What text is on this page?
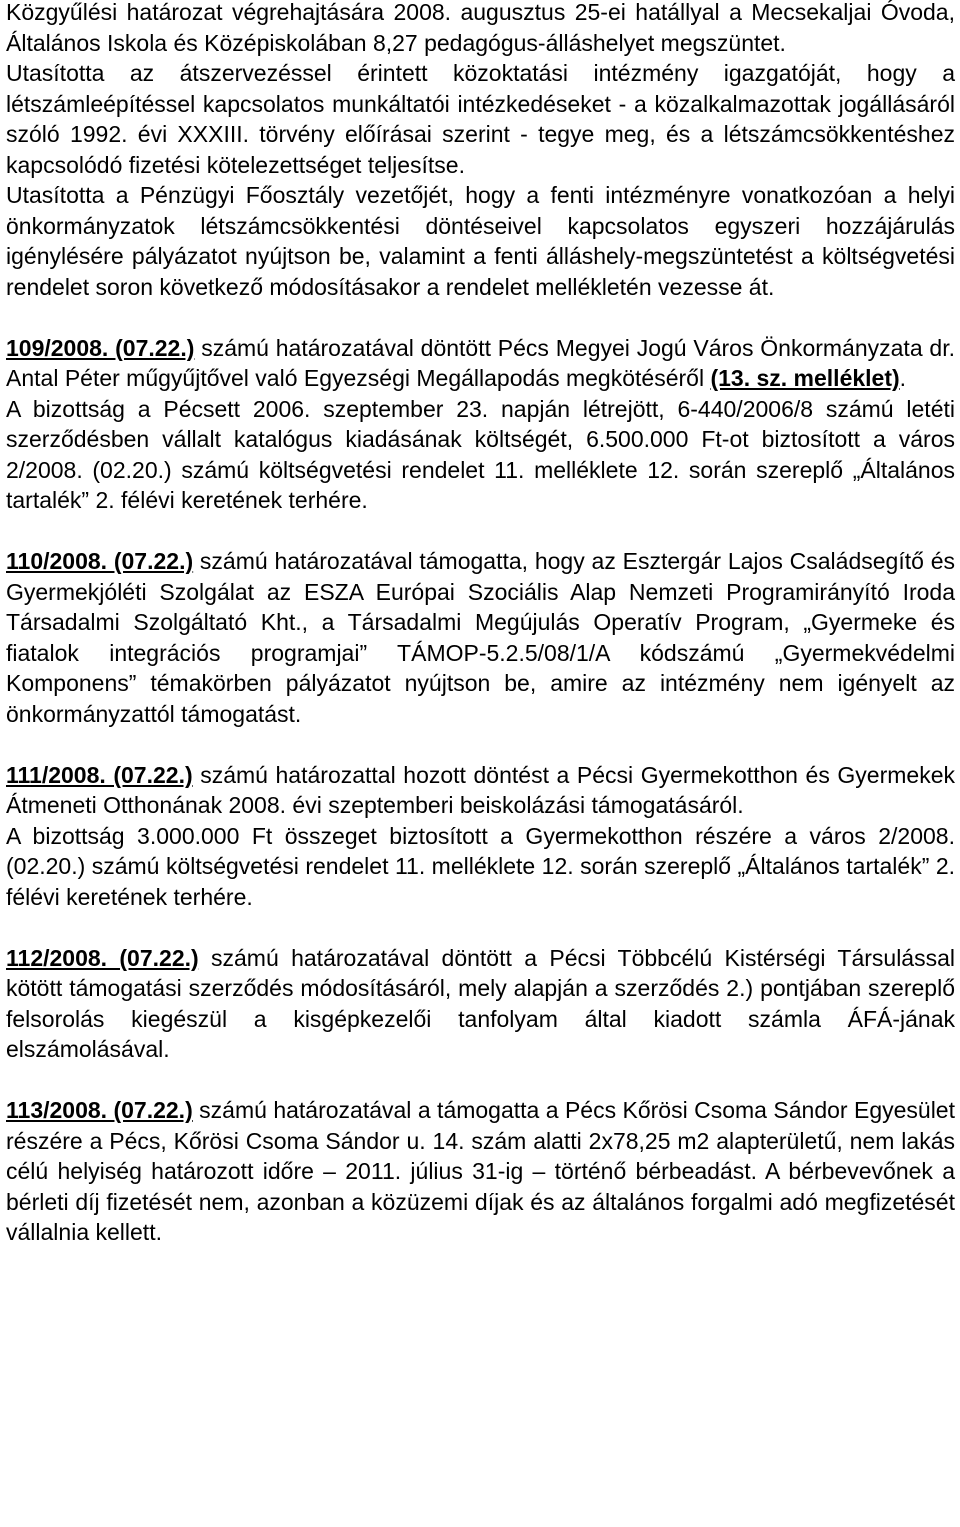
Közgyűlési határozat végrehajtására 2008. augusztus 25-ei hatállyal a Mecsekaljai Óvoda, Általános Iskola és Középiskolában 8,27 pedagógus-álláshelyet megszüntet.

Utasította az átszervezéssel érintett közoktatási intézmény igazgatóját, hogy a létszámleépítéssel kapcsolatos munkáltatói intézkedéseket - a közalkalmazottak jogállásáról szóló 1992. évi XXXIII. törvény előírásai szerint - tegye meg, és a létszámcsökkentéshez kapcsolódó fizetési kötelezettséget teljesítse.

Utasította a Pénzügyi Főosztály vezetőjét, hogy a fenti intézményre vonatkozóan a helyi önkormányzatok létszámcsökkentési döntéseivel kapcsolatos egyszeri hozzájárulás igénylésére pályázatot nyújtson be, valamint a fenti álláshely-megszüntetést a költségvetési rendelet soron következő módosításakor a rendelet mellékletén vezesse át.

109/2008. (07.22.) számú határozatával döntött Pécs Megyei Jogú Város Önkormányzata dr. Antal Péter műgyűjtővel való Egyezségi Megállapodás megkötéséről (13. sz. melléklet).

A bizottság a Pécsett 2006. szeptember 23. napján létrejött, 6-440/2006/8 számú letéti szerződésben vállalt katalógus kiadásának költségét, 6.500.000 Ft-ot biztosított a város 2/2008. (02.20.) számú költségvetési rendelet 11. melléklete 12. során szereplő „Általános tartalék” 2. félévi keretének terhére.

110/2008. (07.22.) számú határozatával támogatta, hogy az Esztergár Lajos Családsegítő és Gyermekjóléti Szolgálat az ESZA Európai Szociális Alap Nemzeti Programirányító Iroda Társadalmi Szolgáltató Kht., a Társadalmi Megújulás Operatív Program, „Gyermeke és fiatalok integrációs programjai” TÁMOP-5.2.5/08/1/A kódszámú „Gyermekvédelmi Komponens” témakörben pályázatot nyújtson be, amire az intézmény nem igényelt az önkormányzattól támogatást.

111/2008. (07.22.) számú határozattal hozott döntést a Pécsi Gyermekotthon és Gyermekek Átmeneti Otthonának 2008. évi szeptemberi beiskolázási támogatásáról.

A bizottság 3.000.000 Ft összeget biztosított a Gyermekotthon részére a város 2/2008. (02.20.) számú költségvetési rendelet 11. melléklete 12. során szereplő „Általános tartalék” 2. félévi keretének terhére.

112/2008. (07.22.) számú határozatával döntött a Pécsi Többcélú Kistérségi Társulással kötött támogatási szerződés módosításáról, mely alapján a szerződés 2.) pontjában szereplő felsorolás kiegészül a kisgépkezelői tanfolyam által kiadott számla ÁFÁ-jának elszámolásával.

113/2008. (07.22.) számú határozatával a támogatta a Pécs Kőrösi Csoma Sándor Egyesület részére a Pécs, Kőrösi Csoma Sándor u. 14. szám alatti 2x78,25 m2 alapterületű, nem lakás célú helyiség határozott időre – 2011. július 31-ig – történő bérbeadást. A bérbevevőnek a bérleti díj fizetését nem, azonban a közüzemi díjak és az általános forgalmi adó megfizetését vállalnia kellett.
